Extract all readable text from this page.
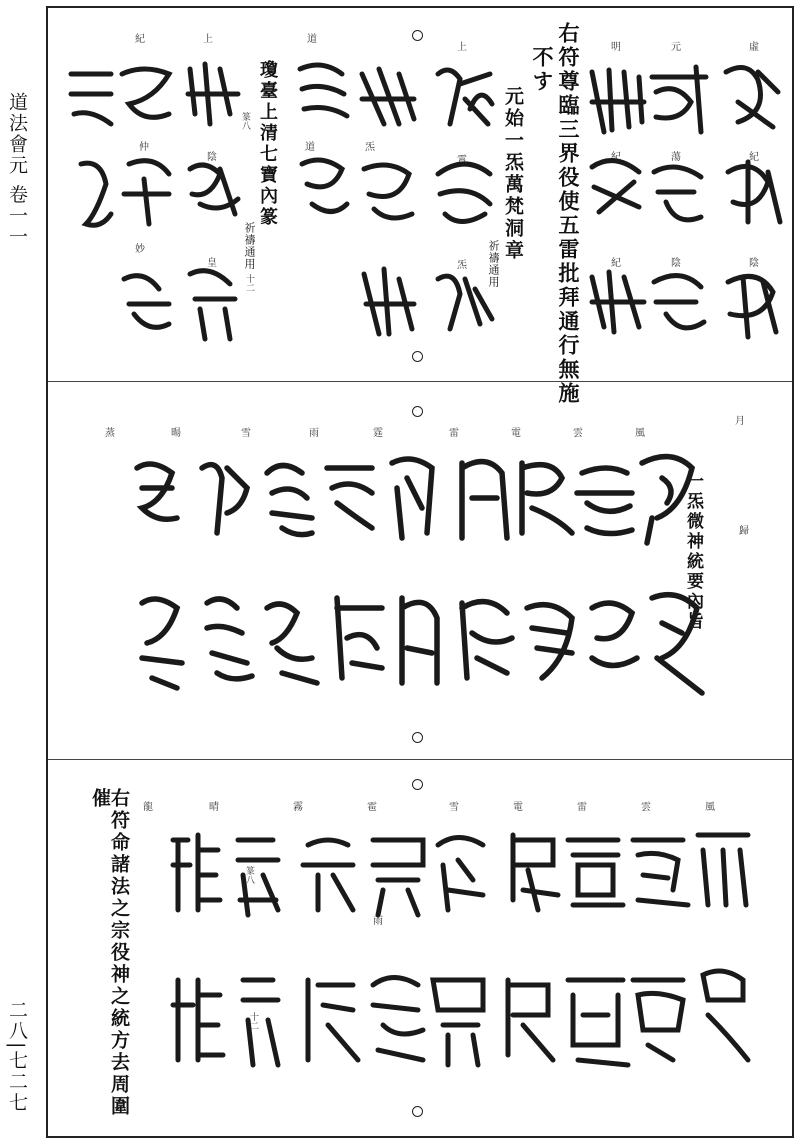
道法會元 卷一一
二八|七二七
右符尊臨三界役使五雷批拜通行無施
不す
元始一炁萬梵洞章
祈禱通用
瓊臺上清七寶內篆
祈禱通用
十二
篆八
虛
元
明
紀
蕩
紀
陰
陰
紀
上
霄
炁
陰
皇
上
妙
道
道
仲
紀
炁
一炁微神統要內旨	歸
月
風
雲
電
雷
霆
雨
雪
暘
蒸
右符命諸法之宗役神之統方去周圍催
雨
十二
篆八
風
雲
雷
電
雪
雹
霧
晴
龍
